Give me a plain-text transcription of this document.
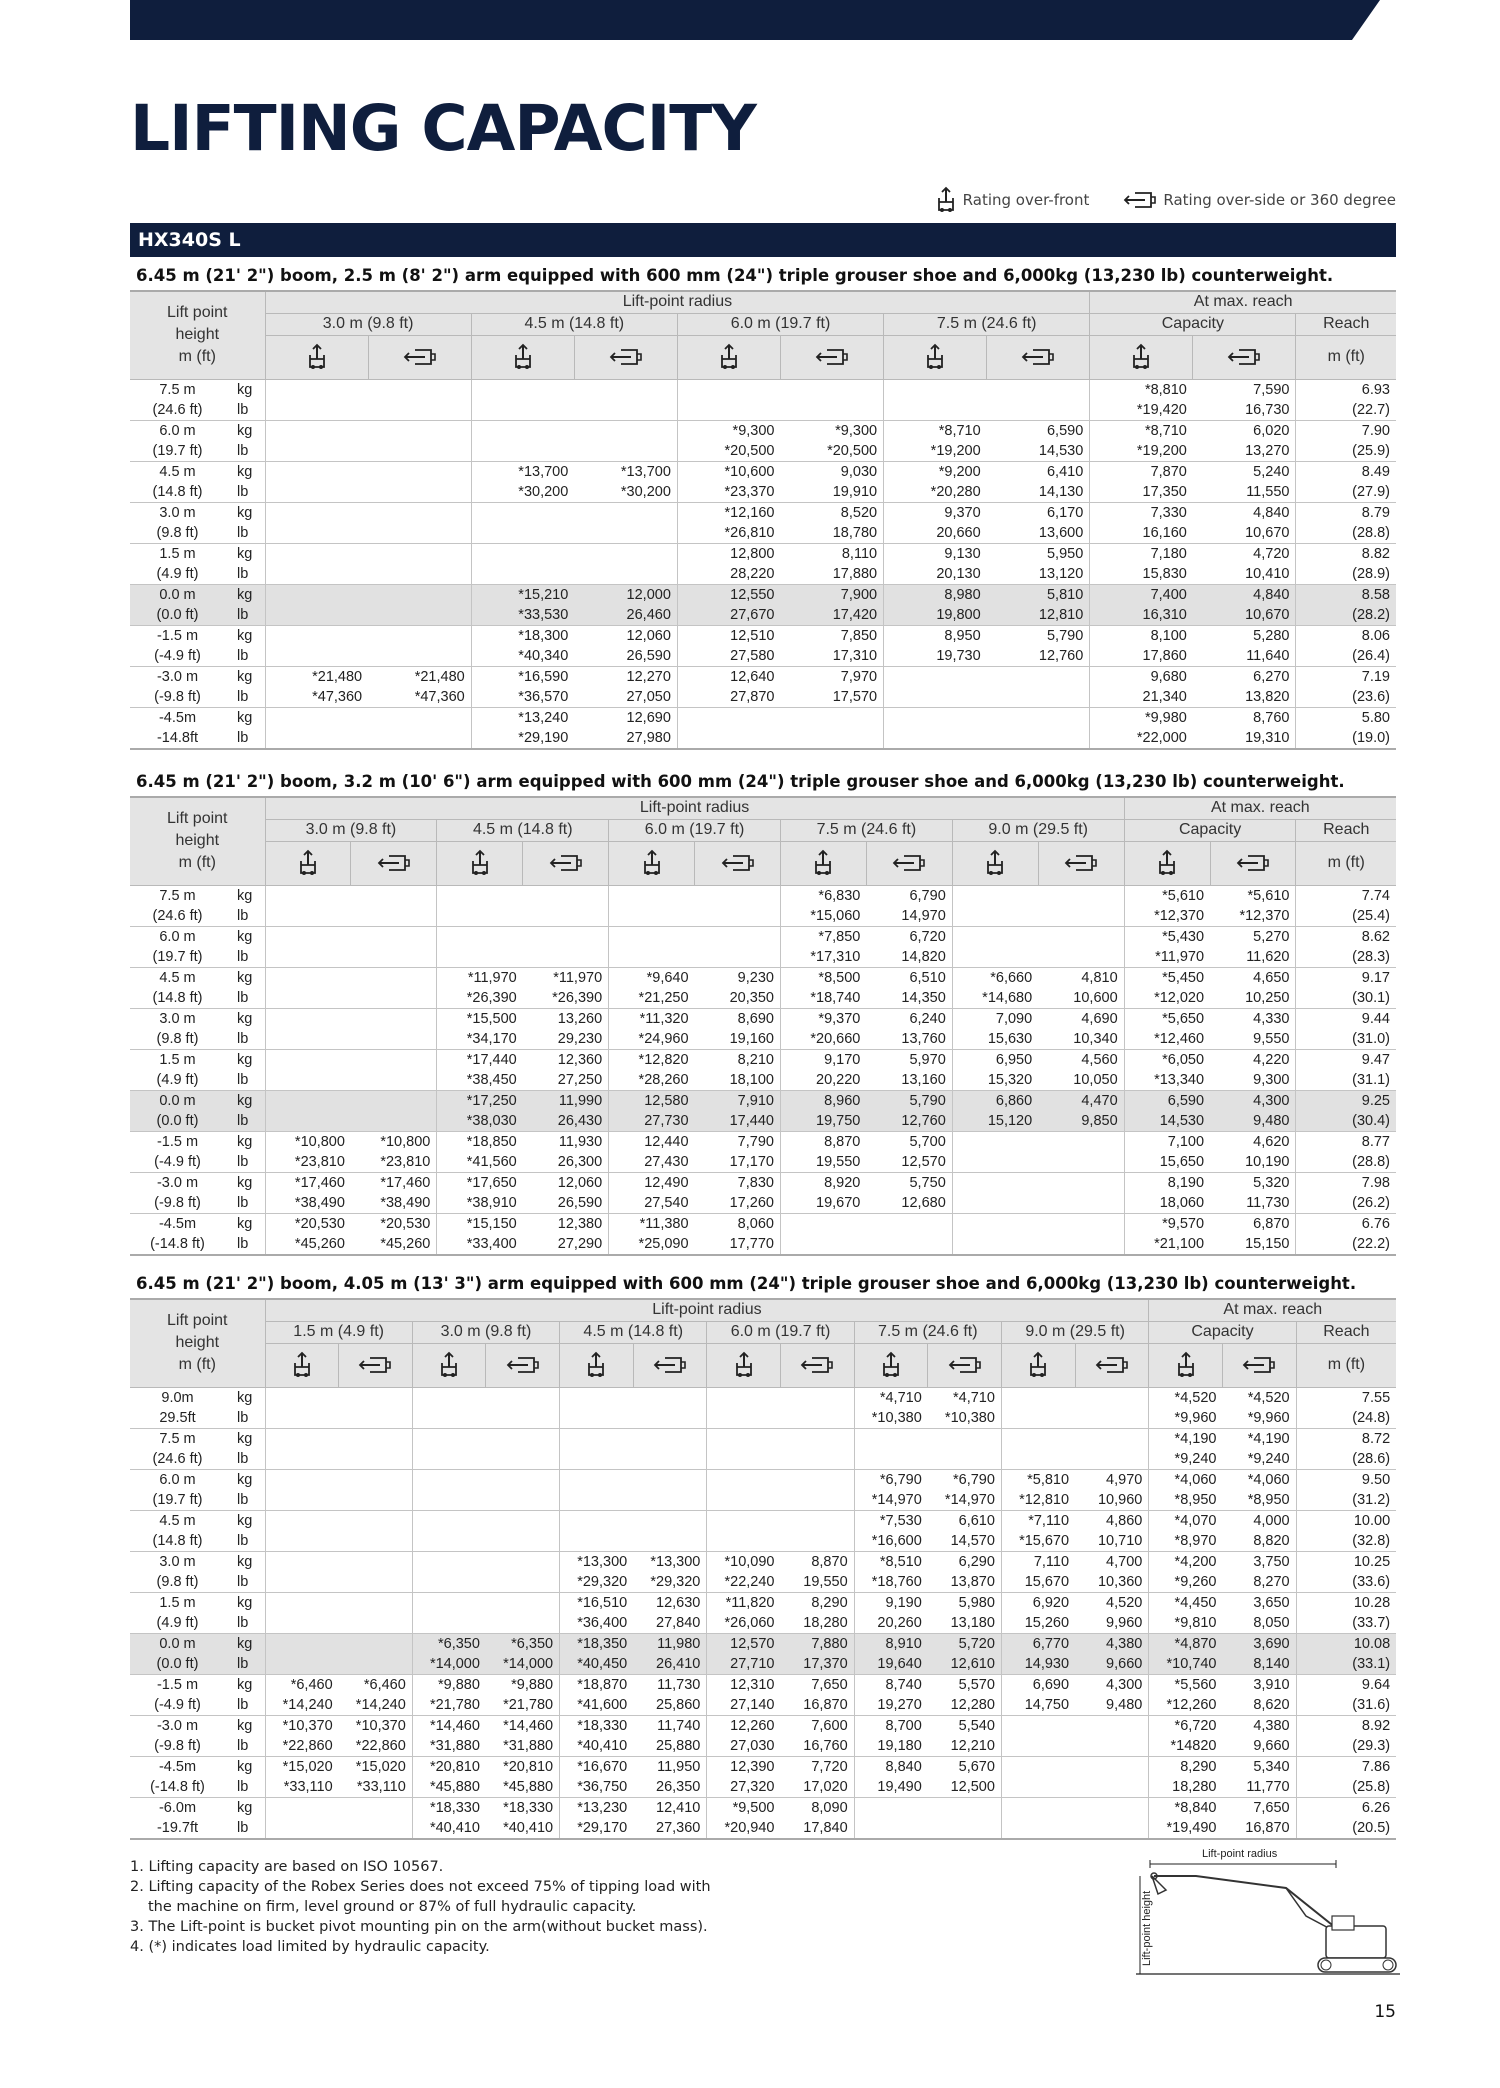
LIFTING CAPACITY
Rating over-front	Rating over-side or 360 degree
HX340S L
6.45 m (21' 2") boom, 2.5 m (8' 2") arm equipped with 600 mm (24") triple grouser shoe and 6,000kg (13,230 lb) counterweight.
Lift point
height
m (ft)		Lift-point radius								At max. reach		
		3.0 m (9.8 ft)		4.5 m (14.8 ft)		6.0 m (19.7 ft)		7.5 m (24.6 ft)		Capacity		Reach
										m (ft)
7.5 m	kg									*8,810	7,590	6.93
(24.6 ft)	lb									*19,420	16,730	(22.7)
6.0 m	kg					*9,300	*9,300	*8,710	6,590	*8,710	6,020	7.90
(19.7 ft)	lb					*20,500	*20,500	*19,200	14,530	*19,200	13,270	(25.9)
4.5 m	kg			*13,700	*13,700	*10,600	9,030	*9,200	6,410	7,870	5,240	8.49
(14.8 ft)	lb			*30,200	*30,200	*23,370	19,910	*20,280	14,130	17,350	11,550	(27.9)
3.0 m	kg					*12,160	8,520	9,370	6,170	7,330	4,840	8.79
(9.8 ft)	lb					*26,810	18,780	20,660	13,600	16,160	10,670	(28.8)
1.5 m	kg					12,800	8,110	9,130	5,950	7,180	4,720	8.82
(4.9 ft)	lb					28,220	17,880	20,130	13,120	15,830	10,410	(28.9)
0.0 m	kg			*15,210	12,000	12,550	7,900	8,980	5,810	7,400	4,840	8.58
(0.0 ft)	lb			*33,530	26,460	27,670	17,420	19,800	12,810	16,310	10,670	(28.2)
-1.5 m	kg			*18,300	12,060	12,510	7,850	8,950	5,790	8,100	5,280	8.06
(-4.9 ft)	lb			*40,340	26,590	27,580	17,310	19,730	12,760	17,860	11,640	(26.4)
-3.0 m	kg	*21,480	*21,480	*16,590	12,270	12,640	7,970			9,680	6,270	7.19
(-9.8 ft)	lb	*47,360	*47,360	*36,570	27,050	27,870	17,570			21,340	13,820	(23.6)
-4.5m	kg			*13,240	12,690					*9,980	8,760	5.80
-14.8ft	lb			*29,190	27,980					*22,000	19,310	(19.0)
6.45 m (21' 2") boom, 3.2 m (10' 6") arm equipped with 600 mm (24") triple grouser shoe and 6,000kg (13,230 lb) counterweight.
Lift point
height
m (ft)		Lift-point radius										At max. reach		
		3.0 m (9.8 ft)		4.5 m (14.8 ft)		6.0 m (19.7 ft)		7.5 m (24.6 ft)		9.0 m (29.5 ft)		Capacity		Reach
												m (ft)
7.5 m	kg							*6,830	6,790			*5,610	*5,610	7.74
(24.6 ft)	lb							*15,060	14,970			*12,370	*12,370	(25.4)
6.0 m	kg							*7,850	6,720			*5,430	5,270	8.62
(19.7 ft)	lb							*17,310	14,820			*11,970	11,620	(28.3)
4.5 m	kg			*11,970	*11,970	*9,640	9,230	*8,500	6,510	*6,660	4,810	*5,450	4,650	9.17
(14.8 ft)	lb			*26,390	*26,390	*21,250	20,350	*18,740	14,350	*14,680	10,600	*12,020	10,250	(30.1)
3.0 m	kg			*15,500	13,260	*11,320	8,690	*9,370	6,240	7,090	4,690	*5,650	4,330	9.44
(9.8 ft)	lb			*34,170	29,230	*24,960	19,160	*20,660	13,760	15,630	10,340	*12,460	9,550	(31.0)
1.5 m	kg			*17,440	12,360	*12,820	8,210	9,170	5,970	6,950	4,560	*6,050	4,220	9.47
(4.9 ft)	lb			*38,450	27,250	*28,260	18,100	20,220	13,160	15,320	10,050	*13,340	9,300	(31.1)
0.0 m	kg			*17,250	11,990	12,580	7,910	8,960	5,790	6,860	4,470	6,590	4,300	9.25
(0.0 ft)	lb			*38,030	26,430	27,730	17,440	19,750	12,760	15,120	9,850	14,530	9,480	(30.4)
-1.5 m	kg	*10,800	*10,800	*18,850	11,930	12,440	7,790	8,870	5,700			7,100	4,620	8.77
(-4.9 ft)	lb	*23,810	*23,810	*41,560	26,300	27,430	17,170	19,550	12,570			15,650	10,190	(28.8)
-3.0 m	kg	*17,460	*17,460	*17,650	12,060	12,490	7,830	8,920	5,750			8,190	5,320	7.98
(-9.8 ft)	lb	*38,490	*38,490	*38,910	26,590	27,540	17,260	19,670	12,680			18,060	11,730	(26.2)
-4.5m	kg	*20,530	*20,530	*15,150	12,380	*11,380	8,060					*9,570	6,870	6.76
(-14.8 ft)	lb	*45,260	*45,260	*33,400	27,290	*25,090	17,770					*21,100	15,150	(22.2)
6.45 m (21' 2") boom, 4.05 m (13' 3") arm equipped with 600 mm (24") triple grouser shoe and 6,000kg (13,230 lb) counterweight.
Lift point
height
m (ft)		Lift-point radius												At max. reach		
		1.5 m (4.9 ft)		3.0 m (9.8 ft)		4.5 m (14.8 ft)		6.0 m (19.7 ft)		7.5 m (24.6 ft)		9.0 m (29.5 ft)		Capacity		Reach
														m (ft)
9.0m	kg									*4,710	*4,710			*4,520	*4,520	7.55
29.5ft	lb									*10,380	*10,380			*9,960	*9,960	(24.8)
7.5 m	kg													*4,190	*4,190	8.72
(24.6 ft)	lb													*9,240	*9,240	(28.6)
6.0 m	kg									*6,790	*6,790	*5,810	4,970	*4,060	*4,060	9.50
(19.7 ft)	lb									*14,970	*14,970	*12,810	10,960	*8,950	*8,950	(31.2)
4.5 m	kg									*7,530	6,610	*7,110	4,860	*4,070	4,000	10.00
(14.8 ft)	lb									*16,600	14,570	*15,670	10,710	*8,970	8,820	(32.8)
3.0 m	kg					*13,300	*13,300	*10,090	8,870	*8,510	6,290	7,110	4,700	*4,200	3,750	10.25
(9.8 ft)	lb					*29,320	*29,320	*22,240	19,550	*18,760	13,870	15,670	10,360	*9,260	8,270	(33.6)
1.5 m	kg					*16,510	12,630	*11,820	8,290	9,190	5,980	6,920	4,520	*4,450	3,650	10.28
(4.9 ft)	lb					*36,400	27,840	*26,060	18,280	20,260	13,180	15,260	9,960	*9,810	8,050	(33.7)
0.0 m	kg			*6,350	*6,350	*18,350	11,980	12,570	7,880	8,910	5,720	6,770	4,380	*4,870	3,690	10.08
(0.0 ft)	lb			*14,000	*14,000	*40,450	26,410	27,710	17,370	19,640	12,610	14,930	9,660	*10,740	8,140	(33.1)
-1.5 m	kg	*6,460	*6,460	*9,880	*9,880	*18,870	11,730	12,310	7,650	8,740	5,570	6,690	4,300	*5,560	3,910	9.64
(-4.9 ft)	lb	*14,240	*14,240	*21,780	*21,780	*41,600	25,860	27,140	16,870	19,270	12,280	14,750	9,480	*12,260	8,620	(31.6)
-3.0 m	kg	*10,370	*10,370	*14,460	*14,460	*18,330	11,740	12,260	7,600	8,700	5,540			*6,720	4,380	8.92
(-9.8 ft)	lb	*22,860	*22,860	*31,880	*31,880	*40,410	25,880	27,030	16,760	19,180	12,210			*14820	9,660	(29.3)
-4.5m	kg	*15,020	*15,020	*20,810	*20,810	*16,670	11,950	12,390	7,720	8,840	5,670			8,290	5,340	7.86
(-14.8 ft)	lb	*33,110	*33,110	*45,880	*45,880	*36,750	26,350	27,320	17,020	19,490	12,500			18,280	11,770	(25.8)
-6.0m	kg			*18,330	*18,330	*13,230	12,410	*9,500	8,090					*8,840	7,650	6.26
-19.7ft	lb			*40,410	*40,410	*29,170	27,360	*20,940	17,840					*19,490	16,870	(20.5)
1. Lifting capacity are based on ISO 10567.
2. Lifting capacity of the Robex Series does not exceed 75% of tipping load with
the machine on firm, level ground or 87% of full hydraulic capacity.
3. The Lift-point is bucket pivot mounting pin on the arm(without bucket mass).
4. (*) indicates load limited by hydraulic capacity.
Lift-point radius
Lift-point height
15
